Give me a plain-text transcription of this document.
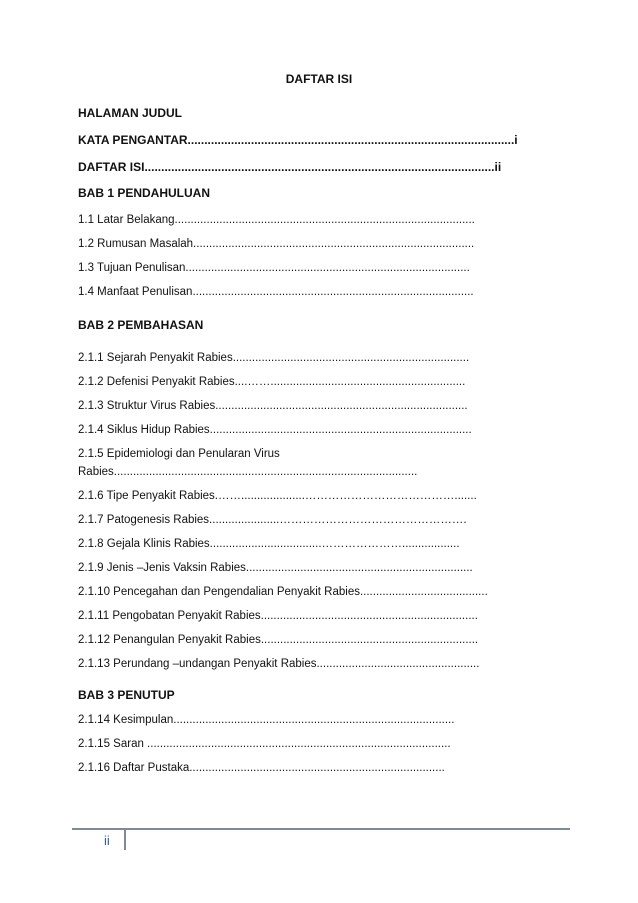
DAFTAR ISI
HALAMAN JUDUL
KATA PENGANTAR..................................................................................................i
DAFTAR ISI.........................................................................................................ii
BAB 1 PENDAHULUAN
1.1 Latar Belakang..............................................................................................
1.2 Rumusan Masalah........................................................................................
1.3 Tujuan Penulisan.........................................................................................
1.4 Manfaat Penulisan........................................................................................
BAB 2 PEMBAHASAN
2.1.1 Sejarah Penyakit Rabies..........................................................................
2.1.2 Defenisi Penyakit Rabies....…….............................................................
2.1.3 Struktur Virus Rabies...............................................................................
2.1.4 Siklus Hidup Rabies..................................................................................
2.1.5 Epidemiologi dan Penularan Virus
Rabies...............................................................................................
2.1.6 Tipe Penyakit Rabies.……....................………………………………….......
2.1.7 Patogenesis Rabies......................………………………………………….
2.1.8 Gejala Klinis Rabies...................................…………………..................
2.1.9 Jenis –Jenis Vaksin Rabies.......................................................................
2.1.10 Pencegahan dan Pengendalian Penyakit Rabies........................................
2.1.11 Pengobatan Penyakit Rabies....................................................................
2.1.12 Penangulan Penyakit Rabies....................................................................
2.1.13 Perundang –undangan Penyakit Rabies...................................................
BAB 3 PENUTUP
2.1.14 Kesimpulan........................................................................................
2.1.15 Saran ...............................................................................................
2.1.16 Daftar Pustaka................................................................................
ii
